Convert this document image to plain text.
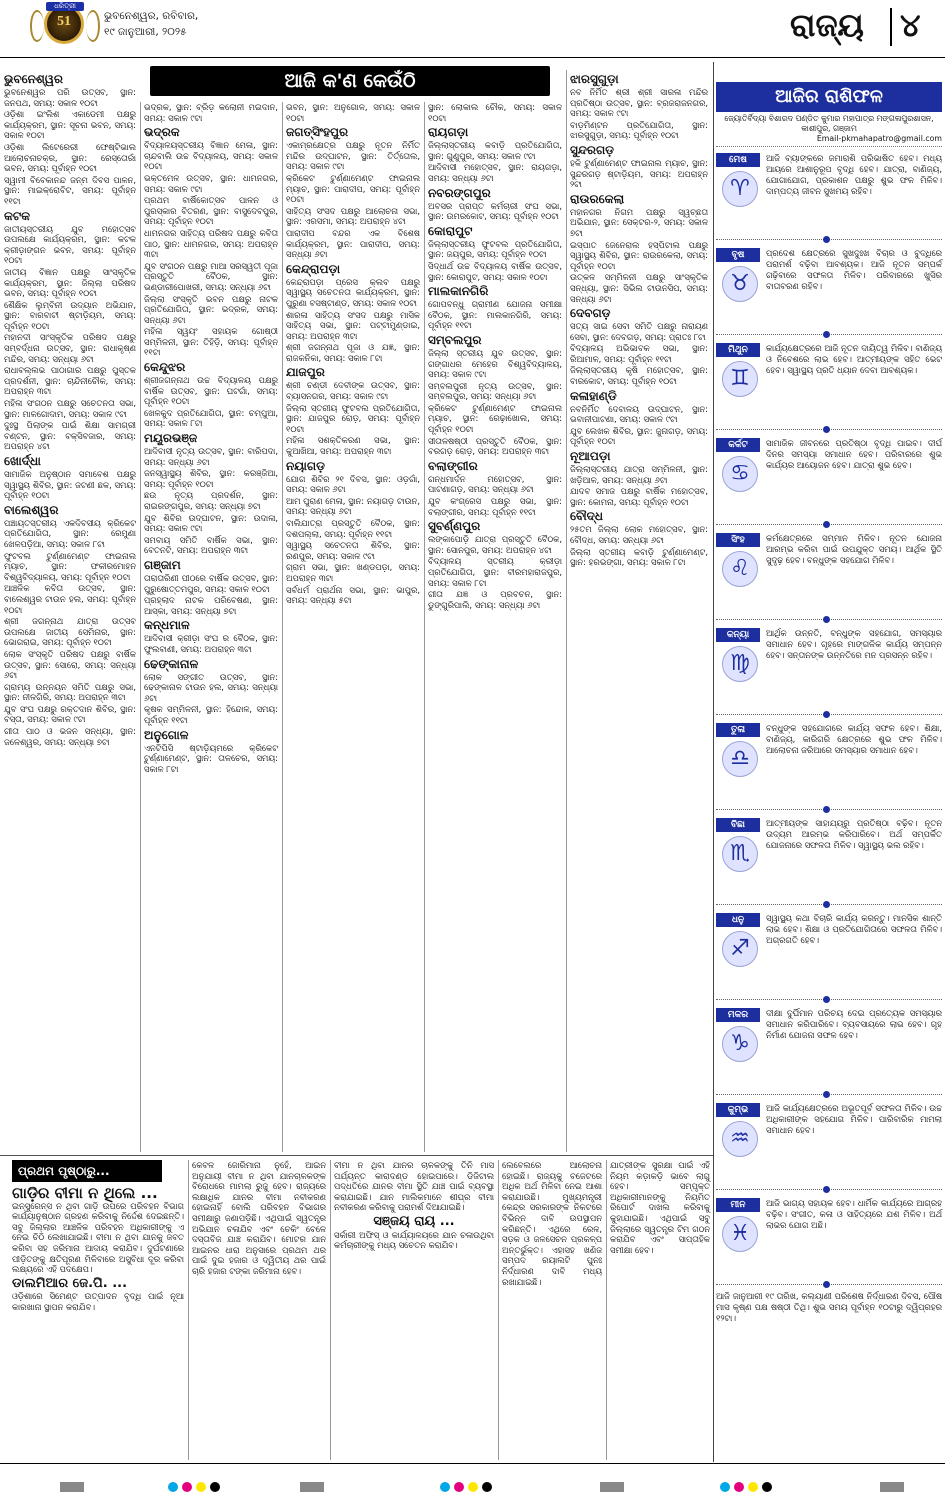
51
ଧରିତ୍ରୀ
ଭୁବନେଶ୍ୱର, ରବିବାର,
୧୯ ଜାନୁଆରୀ, ୨୦୨୫	ରାଜ୍ୟ ୪
ଆଜି କ'ଣ କେଉଁଠି
ଭୁବନେଶ୍ୱର
ଭୁବନେଶ୍ୱର ପରି ଉତ୍ସବ, ସ୍ଥାନ: ଜନପଥ, ସମୟ: ସକାଳ ୧୦ଟା
ଓଡ଼ିଶା ଇଂଲିଶ ଏକାଡେମୀ ପକ୍ଷରୁ କାର୍ଯ୍ୟକ୍ରମ, ସ୍ଥାନ: ସୂଚନା ଭବନ, ସମୟ: ସକାଳ ୧୦ଟା
ଓଡ଼ିଶା ଲିଟେରେରୀ ଫେଷ୍ଟିଭାଲ ଆଲୋଚନାଚକ୍ର, ସ୍ଥାନ: ରେସ୍ତୋରାଁ ଭବନ, ସମୟ: ପୂର୍ବାହ୍ନ ୧୦ଟା
ସ୍ୱାମୀ ବିବେକାନନ୍ଦ ଜନ୍ମ ଦିବସ ପାଳନ, ସ୍ଥାନ: ମାଇକ୍ରୋବିଟ, ସମୟ: ପୂର୍ବାହ୍ନ ୧୧ଟା
କଟକ
ଜାତୀୟସ୍ତରୀୟ ଯୁବ ମହୋତ୍ସବ ଉପଲକ୍ଷେ କାର୍ଯ୍ୟକ୍ରମ, ସ୍ଥାନ: କଟକ କ୍ରୀଡ଼ାଙ୍ଗନ ଭବନ, ସମୟ: ପୂର୍ବାହ୍ନ ୧୦ଟା
ଜାତୀୟ ବିଜ୍ଞାନ ପକ୍ଷରୁ ସାଂସ୍କୃତିକ କାର୍ଯ୍ୟକ୍ରମ, ସ୍ଥାନ: ଜିଲ୍ଲା ପରିଷଦ ଭବନ, ସମୟ: ପୂର୍ବାହ୍ନ ୧୦ଟା
ଶୈକ୍ଷିକ ଲୁମ୍ବିନୀ ଉଦ୍ୟାନ ଅଭିଯାନ, ସ୍ଥାନ: ବାରବାଟୀ ଷ୍ଟାଡ଼ିୟମ, ସମୟ: ପୂର୍ବାହ୍ନ ୧୦ଟା
ମହାନଦୀ ସାଂସ୍କୃତିକ ପରିଷଦ ପକ୍ଷରୁ ସମ୍ବର୍ଦ୍ଧନା ଉତ୍ସବ, ସ୍ଥାନ: ରାଧାକୃଷ୍ଣ ମନ୍ଦିର, ସମୟ: ସନ୍ଧ୍ୟା ୬ଟା
ରାଧାବଲ୍ଲଭ ପାଠାଗାର ପକ୍ଷରୁ ପୁସ୍ତକ ପ୍ରଦର୍ଶନୀ, ସ୍ଥାନ: ଚାନ୍ଦିନୀଚୌକ, ସମୟ: ଅପରାହ୍ନ ୩ଟା
ମହିଳା ସଂଗଠନ ପକ୍ଷରୁ ସଚେତନତା ସଭା, ସ୍ଥାନ: ମାଳଗୋଦାମ, ସମୟ: ସକାଳ ୯ଟା
ଦୁଃସ୍ଥ ପିଲାଙ୍କ ପାଇଁ ଶିକ୍ଷା ସାମଗ୍ରୀ ବଣ୍ଟନ, ସ୍ଥାନ: ବକ୍ସିବଜାର, ସମୟ: ଅପରାହ୍ନ ୪ଟା
ଖୋର୍ଦ୍ଧା
ସାମାଜିକ ଅନୁଷ୍ଠାନ ସମାବେଶ ପକ୍ଷରୁ ସ୍ୱାସ୍ଥ୍ୟ ଶିବିର, ସ୍ଥାନ: ଜଟଣୀ ଛକ, ସମୟ: ପୂର୍ବାହ୍ନ ୧୦ଟା
ବାଲେଶ୍ୱର
ପଞ୍ଚାୟତସ୍ତରୀୟ ଏକଦିବସୀୟ କ୍ରିକେଟ ପ୍ରତିଯୋଗିତା, ସ୍ଥାନ: ରେମୁଣା ଖେଳପଡ଼ିଆ, ସମୟ: ସକାଳ ୮ଟା
ଫୁଟବଲ ଟୁର୍ଣ୍ଣାମେଣ୍ଟ ଫାଇନାଲ ମ୍ୟାଚ, ସ୍ଥାନ: ଫକୀରମୋହନ ବିଶ୍ୱବିଦ୍ୟାଳୟ, ସମୟ: ପୂର୍ବାହ୍ନ ୧୦ଟା
ଆଞ୍ଚଳିକ କବିତା ଉତ୍ସବ, ସ୍ଥାନ: ବାଲେଶ୍ୱର ଟାଉନ ହଲ, ସମୟ: ପୂର୍ବାହ୍ନ ୧୦ଟା
ଶ୍ରୀ ଜଗନ୍ନାଥ ଯାତ୍ରା ଉତ୍ସବ ଉପଲକ୍ଷେ ଜାତୀୟ ସେମିନାର, ସ୍ଥାନ: ଭୋଗରାଇ, ସମୟ: ପୂର୍ବାହ୍ନ ୧୦ଟା
ଲୋକ ସଂସ୍କୃତି ପରିଷଦ ପକ୍ଷରୁ ବାର୍ଷିକ ଉତ୍ସବ, ସ୍ଥାନ: ସୋରୋ, ସମୟ: ସନ୍ଧ୍ୟା ୬ଟା
ଗ୍ରାମ୍ୟ ଉନ୍ନୟନ ସମିତି ପକ୍ଷରୁ ସଭା, ସ୍ଥାନ: ନୀଳଗିରି, ସମୟ: ଅପରାହ୍ନ ୩ଟା
ଯୁବ ସଂଘ ପକ୍ଷରୁ ରକ୍ତଦାନ ଶିବିର, ସ୍ଥାନ: ବସ୍ତା, ସମୟ: ସକାଳ ୯ଟା
ଗୀତା ପାଠ ଓ ଭଜନ ସନ୍ଧ୍ୟା, ସ୍ଥାନ: ଜଳେଶ୍ୱର, ସମୟ: ସନ୍ଧ୍ୟା ୭ଟା
ଭଦ୍ରକ, ସ୍ଥାନ: ବ୍ରିଡ଼ କଲୋନୀ ମଇଦାନ, ସମୟ: ସକାଳ ୯ଟା
ଭଦ୍ରକ
ବିଦ୍ୟାଳୟସ୍ତରୀୟ ବିଜ୍ଞାନ ମେଳା, ସ୍ଥାନ: ଚାନ୍ଦବାଲି ଉଚ୍ଚ ବିଦ୍ୟାଳୟ, ସମୟ: ସକାଳ ୧୦ଟା
ଭକ୍ତମେଳ ଉତ୍ସବ, ସ୍ଥାନ: ଧାମନଗର, ସମୟ: ସକାଳ ୯ଟା
ପ୍ରଥମ ବାର୍ଷିକୋତ୍ସବ ପାଳନ ଓ ପୁରସ୍କାର ବିତରଣ, ସ୍ଥାନ: ବାସୁଦେବପୁର, ସମୟ: ପୂର୍ବାହ୍ନ ୧୦ଟା
ଧାମନଗର ସାହିତ୍ୟ ପରିଷଦ ପକ୍ଷରୁ କବିତା ପାଠ, ସ୍ଥାନ: ଧାମନଗର, ସମୟ: ଅପରାହ୍ନ ୩ଟା
ଯୁବ ସଂଗଠନ ପକ୍ଷରୁ ମାଆ ସରସ୍ୱତୀ ପୂଜା ପ୍ରସ୍ତୁତି ବୈଠକ, ସ୍ଥାନ: ଭଣ୍ଡାରୀପୋଖରୀ, ସମୟ: ସନ୍ଧ୍ୟା ୬ଟା
ଜିଲ୍ଲା ସଂସ୍କୃତି ଭବନ ପକ୍ଷରୁ ନାଟକ ପ୍ରତିଯୋଗିତା, ସ୍ଥାନ: ଭଦ୍ରକ, ସମୟ: ସନ୍ଧ୍ୟା ୬ଟା
ମହିଳା ସ୍ୱୟଂ ସହାୟକ ଗୋଷ୍ଠୀ ସମ୍ମିଳନୀ, ସ୍ଥାନ: ତିହିଡ଼ି, ସମୟ: ପୂର୍ବାହ୍ନ ୧୧ଟା
କେନ୍ଦୁଝର
ଶ୍ରୀଜଗନ୍ନାଥ ଉଚ୍ଚ ବିଦ୍ୟାଳୟ ପକ୍ଷରୁ ବାର୍ଷିକ ଉତ୍ସବ, ସ୍ଥାନ: ଘଟଗାଁ, ସମୟ: ପୂର୍ବାହ୍ନ ୧୦ଟା
ଖେଳକୁଦ ପ୍ରତିଯୋଗିତା, ସ୍ଥାନ: ଚମ୍ପୁଆ, ସମୟ: ସକାଳ ୮ଟା
ମୟୂରଭଞ୍ଜ
ଆଦିବାସୀ ନୃତ୍ୟ ଉତ୍ସବ, ସ୍ଥାନ: ବାରିପଦା, ସମୟ: ସନ୍ଧ୍ୟା ୬ଟା
ଜନସ୍ୱାସ୍ଥ୍ୟ ଶିବିର, ସ୍ଥାନ: କରଞ୍ଜିଆ, ସମୟ: ପୂର୍ବାହ୍ନ ୧୦ଟା
ଛଉ ନୃତ୍ୟ ପ୍ରଦର୍ଶନ, ସ୍ଥାନ: ରାଇରଙ୍ଗପୁର, ସମୟ: ସନ୍ଧ୍ୟା ୭ଟା
ଯୁବ ଶିବିର ଉଦ୍‌ଘାଟନ, ସ୍ଥାନ: ଉଦାଳା, ସମୟ: ସକାଳ ୯ଟା
ସମବାୟ ସମିତି ବାର୍ଷିକ ସଭା, ସ୍ଥାନ: ବେତନଟି, ସମୟ: ଅପରାହ୍ନ ୩ଟା
ଗଞ୍ଜାମ
ତାରାତାରିଣୀ ପୀଠରେ ବାର୍ଷିକ ଉତ୍ସବ, ସ୍ଥାନ: ପୁରୁଷୋତ୍ତମପୁର, ସମୟ: ସକାଳ ୧୦ଟା
ପ୍ରହ୍ଲାଦ ନାଟକ ପରିବେଷଣ, ସ୍ଥାନ: ଆସ୍କା, ସମୟ: ସନ୍ଧ୍ୟା ୭ଟା
କନ୍ଧମାଳ
ଆଦିବାସୀ କ୍ରୀଡ଼ା ସଂଘ ର ବୈଠକ, ସ୍ଥାନ: ଫୁଲବାଣୀ, ସମୟ: ଅପରାହ୍ନ ୩ଟା
ଢେଙ୍କାନାଳ
ଲୋକ ସଙ୍ଗୀତ ଉତ୍ସବ, ସ୍ଥାନ: ଢେଙ୍କାନାଳ ଟାଉନ ହଲ, ସମୟ: ସନ୍ଧ୍ୟା ୬ଟା
କୃଷକ ସମ୍ମିଳନୀ, ସ୍ଥାନ: ହିନ୍ଦୋଳ, ସମୟ: ପୂର୍ବାହ୍ନ ୧୧ଟା
ଅନୁଗୋଳ
ଏନଟିପିସି ଷ୍ଟାଡ଼ିୟମରେ କ୍ରିକେଟ ଟୁର୍ଣ୍ଣାମେଣ୍ଟ, ସ୍ଥାନ: ତାଳଚେର, ସମୟ: ସକାଳ ୮ଟା
ଭବନ, ସ୍ଥାନ: ଅନୁଗୋଳ, ସମୟ: ସକାଳ ୧୦ଟା
ଜଗତ୍‌ସିଂହପୁର
ଏକାମ୍ରକ୍ଷେତ୍ର ପକ୍ଷରୁ ନୂତନ ନିର୍ମିତ ମନ୍ଦିର ଉଦ୍‌ଘାଟନ, ସ୍ଥାନ: ତିର୍ତ୍ତୋଲ, ସମୟ: ସକାଳ ୯ଟା
କ୍ରିକେଟ ଟୁର୍ଣ୍ଣାମେଣ୍ଟ ଫାଇନାଲ ମ୍ୟାଚ, ସ୍ଥାନ: ପାରାଦୀପ, ସମୟ: ପୂର୍ବାହ୍ନ ୧୦ଟା
ସାହିତ୍ୟ ସଂସଦ ପକ୍ଷରୁ ଆଲୋଚନା ସଭା, ସ୍ଥାନ: ଏରସମା, ସମୟ: ଅପରାହ୍ନ ୪ଟା
ପାରାଦୀପ ବନ୍ଦର ଏକ ବିଶେଷ କାର୍ଯ୍ୟକ୍ରମ, ସ୍ଥାନ: ପାରାଦୀପ, ସମୟ: ସନ୍ଧ୍ୟା ୬ଟା
କେନ୍ଦ୍ରାପଡ଼ା
କେନ୍ଦ୍ରାପଡ଼ା ପ୍ରେସ କ୍ଲବ ପକ୍ଷରୁ ସ୍ୱାସ୍ଥ୍ୟ ସଚେତନତା କାର୍ଯ୍ୟକ୍ରମ, ସ୍ଥାନ: ପୁରୁଣା ବସଷ୍ଟାଣ୍ଡ, ସମୟ: ସକାଳ ୧୦ଟା
ଶାରଳା ସାହିତ୍ୟ ସଂସଦ ପକ୍ଷରୁ ମାସିକ ସାହିତ୍ୟ ସଭା, ସ୍ଥାନ: ପଟ୍ଟାମୁଣ୍ଡାଇ, ସମୟ: ଅପରାହ୍ନ ୩ଟା
ଶ୍ରୀ ଜଗନ୍ନାଥ ପୂଜା ଓ ଯଜ୍ଞ, ସ୍ଥାନ: ରାଜକନିକା, ସମୟ: ସକାଳ ୮ଟା
ଯାଜପୁର
ଶ୍ରୀ ଚଣ୍ଡୀ ଦେବୀଙ୍କ ଉତ୍ସବ, ସ୍ଥାନ: ବ୍ୟାସନଗର, ସମୟ: ସକାଳ ୯ଟା
ଜିଲ୍ଲା ସ୍ତରୀୟ ଫୁଟବଲ ପ୍ରତିଯୋଗିତା, ସ୍ଥାନ: ଯାଜପୁର ରୋଡ଼, ସମୟ: ପୂର୍ବାହ୍ନ ୧୦ଟା
ମହିଳା ସଶକ୍ତିକରଣ ସଭା, ସ୍ଥାନ: କୁଆଖିଆ, ସମୟ: ଅପରାହ୍ନ ୩ଟା
ନୟାଗଡ଼
ଯୋଗ ଶିବିର ୨୧ ଦିବସ, ସ୍ଥାନ: ଓଡ଼ଗାଁ, ସମୟ: ସକାଳ ୬ଟା
ଆମ ପୁରାଣ ମେଳା, ସ୍ଥାନ: ନୟାଗଡ଼ ଟାଉନ, ସମୟ: ସନ୍ଧ୍ୟା ୬ଟା
ବାଲିଯାତ୍ରା ପ୍ରସ୍ତୁତି ବୈଠକ, ସ୍ଥାନ: ଦଶପଲ୍ଲା, ସମୟ: ପୂର୍ବାହ୍ନ ୧୧ଟା
ସ୍ୱାସ୍ଥ୍ୟ ସଚେତନତା ଶିବିର, ସ୍ଥାନ: ରଣପୁର, ସମୟ: ସକାଳ ୯ଟା
ଗ୍ରାମ ସଭା, ସ୍ଥାନ: ଖଣ୍ଡପଡ଼ା, ସମୟ: ଅପରାହ୍ନ ୩ଟା
ସର୍ବଧର୍ମ ପ୍ରାର୍ଥନା ସଭା, ସ୍ଥାନ: ଭାପୁର, ସମୟ: ସନ୍ଧ୍ୟା ୫ଟା
ସ୍ଥାନ: ଲୋକାଲ ଚୌକ, ସମୟ: ସକାଳ ୧୦ଟା
ରାୟଗଡ଼ା
ଜିଲ୍ଲାସ୍ତରୀୟ କବାଡ଼ି ପ୍ରତିଯୋଗିତା, ସ୍ଥାନ: ଗୁଣୁପୁର, ସମୟ: ସକାଳ ୯ଟା
ଆଦିବାସୀ ମହୋତ୍ସବ, ସ୍ଥାନ: ରାୟଗଡ଼ା, ସମୟ: ସନ୍ଧ୍ୟା ୬ଟା
ନବରଙ୍ଗପୁର
ଅବସର ପ୍ରାପ୍ତ କର୍ମଚାରୀ ସଂଘ ସଭା, ସ୍ଥାନ: ଉମରକୋଟ, ସମୟ: ପୂର୍ବାହ୍ନ ୧୦ଟା
କୋରାପୁଟ
ଜିଲ୍ଲାସ୍ତରୀୟ ଫୁଟବଲ ପ୍ରତିଯୋଗିତା, ସ୍ଥାନ: ଜୟପୁର, ସମୟ: ପୂର୍ବାହ୍ନ ୧୦ଟା
ସିଦ୍ଧାର୍ଥ ଉଚ୍ଚ ବିଦ୍ୟାଳୟ ବାର୍ଷିକ ଉତ୍ସବ, ସ୍ଥାନ: କୋରାପୁଟ, ସମୟ: ସକାଳ ୧୦ଟା
ମାଲକାନଗିରି
ଗୋପବନ୍ଧୁ ଗ୍ରାମୀଣ ଯୋଜନା ସମୀକ୍ଷା ବୈଠକ, ସ୍ଥାନ: ମାଲକାନଗିରି, ସମୟ: ପୂର୍ବାହ୍ନ ୧୧ଟା
ସମ୍ବଲପୁର
ଜିଲ୍ଲା ସ୍ତରୀୟ ଯୁବ ଉତ୍ସବ, ସ୍ଥାନ: ଗଙ୍ଗାଧର ମେହେର ବିଶ୍ୱବିଦ୍ୟାଳୟ, ସମୟ: ସକାଳ ୯ଟା
ସମ୍ବଲପୁରୀ ନୃତ୍ୟ ଉତ୍ସବ, ସ୍ଥାନ: ସମ୍ବଲପୁର, ସମୟ: ସନ୍ଧ୍ୟା ୬ଟା
କ୍ରିକେଟ ଟୁର୍ଣ୍ଣାମେଣ୍ଟ ଫାଇନାଲ ମ୍ୟାଚ, ସ୍ଥାନ: ରେଢ଼ାଖୋଲ, ସମୟ: ପୂର୍ବାହ୍ନ ୧୦ଟା
ସୀତାଳଷଷ୍ଠୀ ପ୍ରସ୍ତୁତି ବୈଠକ, ସ୍ଥାନ: ବରଗଡ଼ ରୋଡ଼, ସମୟ: ଅପରାହ୍ନ ୩ଟା
ବଲାଙ୍ଗୀର
ଗନ୍ଧମାର୍ଦନ ମହୋତ୍ସବ, ସ୍ଥାନ: ପାଟଣାଗଡ଼, ସମୟ: ସନ୍ଧ୍ୟା ୬ଟା
ଯୁବ କଂଗ୍ରେସ ପକ୍ଷରୁ ସଭା, ସ୍ଥାନ: ବଲାଙ୍ଗୀର, ସମୟ: ପୂର୍ବାହ୍ନ ୧୧ଟା
ସୁବର୍ଣ୍ଣପୁର
ଲଙ୍କାପୋଡ଼ି ଯାତ୍ରା ପ୍ରସ୍ତୁତି ବୈଠକ, ସ୍ଥାନ: ସୋନପୁର, ସମୟ: ଅପରାହ୍ନ ୪ଟା
ବିଦ୍ୟାଳୟ ସ୍ତରୀୟ କ୍ରୀଡ଼ା ପ୍ରତିଯୋଗିତା, ସ୍ଥାନ: ବୀରମହାରାଜପୁର, ସମୟ: ସକାଳ ୮ଟା
ଗୀତା ଯଜ୍ଞ ଓ ପ୍ରବଚନ, ସ୍ଥାନ: ଡୁଙ୍ଗୁରିପାଲି, ସମୟ: ସନ୍ଧ୍ୟା ୬ଟା
ଝାରସୁଗୁଡ଼ା
ନବ ନିର୍ମିତ ଶ୍ରୀ ଶ୍ରୀ ସାରଳା ମନ୍ଦିର ପ୍ରତିଷ୍ଠା ଉତ୍ସବ, ସ୍ଥାନ: ବ୍ରଜରାଜନଗର, ସମୟ: ସକାଳ ୯ଟା
ବାଡ଼ମିଣ୍ଟନ ପ୍ରତିଯୋଗିତା, ସ୍ଥାନ: ଝାରସୁଗୁଡ଼ା, ସମୟ: ପୂର୍ବାହ୍ନ ୧୦ଟା
ସୁନ୍ଦରଗଡ଼
ହକି ଟୁର୍ଣ୍ଣାମେଣ୍ଟ ଫାଇନାଲ ମ୍ୟାଚ, ସ୍ଥାନ: ସୁନ୍ଦରଗଡ଼ ଷ୍ଟାଡ଼ିୟମ, ସମୟ: ଅପରାହ୍ନ ୨ଟା
ରାଉରକେଲା
ମହାନଗର ନିଗମ ପକ୍ଷରୁ ସ୍ୱଚ୍ଛତା ଅଭିଯାନ, ସ୍ଥାନ: ସେକ୍ଟର-୨, ସମୟ: ସକାଳ ୭ଟା
ଇସ୍ପାତ ଜେନେରାଲ ହସ୍ପିଟାଲ ପକ୍ଷରୁ ସ୍ୱାସ୍ଥ୍ୟ ଶିବିର, ସ୍ଥାନ: ରାଉରକେଲା, ସମୟ: ପୂର୍ବାହ୍ନ ୧୦ଟା
ଉତ୍କଳ ସମ୍ମିଳନୀ ପକ୍ଷରୁ ସାଂସ୍କୃତିକ ସନ୍ଧ୍ୟା, ସ୍ଥାନ: ସିଭିଲ ଟାଉନସିପ, ସମୟ: ସନ୍ଧ୍ୟା ୬ଟା
ଦେବଗଡ଼
ସତ୍ୟ ସାଇ ସେବା ସମିତି ପକ୍ଷରୁ ନାରାୟଣ ସେବା, ସ୍ଥାନ: ଦେବଗଡ଼, ସମୟ: ପ୍ରାତଃ ୮ଟା
ବିଦ୍ୟାଳୟ ଅଭିଭାବକ ସଭା, ସ୍ଥାନ: ରିଆମାଳ, ସମୟ: ପୂର୍ବାହ୍ନ ୧୧ଟା
ଜିଲ୍ଲାସ୍ତରୀୟ କୃଷି ମହୋତ୍ସବ, ସ୍ଥାନ: ବାରକୋଟ, ସମୟ: ପୂର୍ବାହ୍ନ ୧୦ଟା
କଳାହାଣ୍ଡି
ନବନିର୍ମିତ ଦେବାଳୟ ଉଦ୍‌ଘାଟନ, ସ୍ଥାନ: ଭବାନୀପାଟଣା, ସମୟ: ସକାଳ ୯ଟା
ଯୁବ ଲେଖକ ଶିବିର, ସ୍ଥାନ: ଜୁନାଗଡ଼, ସମୟ: ପୂର୍ବାହ୍ନ ୧୦ଟା
ନୂଆପଡ଼ା
ଜିଲ୍ଲାସ୍ତରୀୟ ଯାତ୍ରା ସମ୍ମିଳନୀ, ସ୍ଥାନ: ଖଡ଼ିଆଳ, ସମୟ: ସନ୍ଧ୍ୟା ୬ଟା
ଯାଦବ ସମାଜ ପକ୍ଷରୁ ବାର୍ଷିକ ମହୋତ୍ସବ, ସ୍ଥାନ: କୋମନା, ସମୟ: ପୂର୍ବାହ୍ନ ୧୦ଟା
ବୌଦ୍ଧ
୨୫ତମ ଜିଲ୍ଲା ଲୋକ ମହୋତ୍ସବ, ସ୍ଥାନ: ବୌଦ୍ଧ, ସମୟ: ସନ୍ଧ୍ୟା ୬ଟା
ଜିଲ୍ଲା ସ୍ତରୀୟ କବାଡ଼ି ଟୁର୍ଣ୍ଣାମେଣ୍ଟ, ସ୍ଥାନ: ହରଭଙ୍ଗା, ସମୟ: ସକାଳ ୮ଟା
ଆଜିର ରାଶିଫଳ
ଜ୍ୟୋତିର୍ବିଦ୍ୟା ବିଶାରଦ ପଣ୍ଡିତ କୁମାର ମହାପାତ୍ର ମଙ୍ଗଳାପୁରଶାସନ, କାଶୀପୁର, ଗଞ୍ଜାମ
Email-pkmahapatro@gmail.com
ମେଷ
♈
ଆଜି ବ୍ୟାଙ୍କରେ ଜମାରାଶି ପରିଭାଷିତ ହେବ। ମଧ୍ୟ ଆୟରେ ଆଶାନୁରୂପ ବୃଦ୍ଧି ହେବ। ଯାତ୍ରା, ବାଣିଜ୍ୟ, ଯୋଗାଯୋଗ, ପ୍ରକାଶନ ପକ୍ଷରୁ ଶୁଭ ଫଳ ମିଳିବ। ଦାମ୍ପତ୍ୟ ଜୀବନ ସୁଖମୟ ରହିବ।
ବୃଷ
♉
ପ୍ରଦେଶ କ୍ଷେତ୍ରରେ ସୁଖଦୁଃଖ ବିଚାର ଓ ବୁଦ୍ଧିରେ ପରାମର୍ଶ ବଢ଼ିବା ଆବଶ୍ୟକ। ଆଜି ନୂତନ ସମ୍ପର୍କ ଗଢ଼ିବାରେ ସଫଳତା ମିଳିବ। ପରିବାରରେ ଖୁସିର ବାତାବରଣ ରହିବ।
ମିଥୁନ
♊
କାର୍ଯ୍ୟକ୍ଷେତ୍ରରେ ଆଜି ନୂତନ ଦାୟିତ୍ୱ ମିଳିବ। ବାଣିଜ୍ୟ ଓ ନିବେଶରେ ଲାଭ ହେବ। ଆତ୍ମୀୟଙ୍କ ସହିତ ଭେଟ ହେବ। ସ୍ୱାସ୍ଥ୍ୟ ପ୍ରତି ଧ୍ୟାନ ଦେବା ଆବଶ୍ୟକ।
କର୍କଟ
♋
ସାମାଜିକ ଜୀବନରେ ପ୍ରତିଷ୍ଠା ବୃଦ୍ଧି ପାଇବ। ଦୀର୍ଘ ଦିନର ସମସ୍ୟା ସମାଧାନ ହେବ। ପରିବାରରେ ଶୁଭ କାର୍ଯ୍ୟର ଆୟୋଜନ ହେବ। ଯାତ୍ରା ଶୁଭ ହେବ।
ସିଂହ
♌
କର୍ମକ୍ଷେତ୍ରରେ ସମ୍ମାନ ମିଳିବ। ନୂତନ ଯୋଜନା ଆରମ୍ଭ କରିବା ପାଇଁ ଉପଯୁକ୍ତ ସମୟ। ଆର୍ଥିକ ସ୍ଥିତି ସୁଦୃଢ଼ ହେବ। ବନ୍ଧୁଙ୍କ ସହଯୋଗ ମିଳିବ।
କନ୍ୟା
♍
ଆର୍ଥିକ ଉନ୍ନତି, ବନ୍ଧୁଙ୍କ ସହଯୋଗ, ସମସ୍ୟାର ସମାଧାନ ହେବ। ଗୃହରେ ମାଙ୍ଗଳିକ କାର୍ଯ୍ୟ ସମ୍ପନ୍ନ ହେବ। ସନ୍ତାନଙ୍କ ଉନ୍ନତିରେ ମନ ପ୍ରସନ୍ନ ରହିବ।
ତୁଳା
♎
ବନ୍ଧୁଙ୍କ ସହଯୋଗରେ କାର୍ଯ୍ୟ ସଫଳ ହେବ। ଶିକ୍ଷା, ବାଣିଜ୍ୟ, କାରିଗରି କ୍ଷେତ୍ରରେ ଶୁଭ ଫଳ ମିଳିବ। ଆଲୋଚନା ଜରିଆରେ ସମସ୍ୟାର ସମାଧାନ ହେବ।
ବିଛା
♏
ଆତ୍ମୀୟଙ୍କ ସାହାଯ୍ୟରୁ ପ୍ରତିଷ୍ଠା ବଢ଼ିବ। ନୂତନ ଉଦ୍ୟମ ଆରମ୍ଭ କରିପାରିବେ। ଅର୍ଥ ସମ୍ପର୍କିତ ଯୋଜନାରେ ସଫଳତା ମିଳିବ। ସ୍ୱାସ୍ଥ୍ୟ ଭଲ ରହିବ।
ଧନୁ
♐
ସ୍ୱାସ୍ଥ୍ୟ କଥା ବିଚାରି କାର୍ଯ୍ୟ କରନ୍ତୁ। ମାନସିକ ଶାନ୍ତି ଲାଭ ହେବ। ଶିକ୍ଷା ଓ ପ୍ରତିଯୋଗିତାରେ ସଫଳତା ମିଳିବ। ଅଗ୍ରଗତି ହେବ।
ମକର
♑
ଦୀକ୍ଷା ଦୁର୍ଘିମାନ ପରିଚୟ ଦେଇ ପ୍ରତ୍ୟେକ ସମସ୍ୟାର ସମାଧାନ କରିପାରିବେ। ବ୍ୟବସାୟରେ ଲାଭ ହେବ। ଗୃହ ନିର୍ମାଣ ଯୋଜନା ସଫଳ ହେବ।
କୁମ୍ଭ
♒
ଆଜି କାର୍ଯ୍ୟକ୍ଷେତ୍ରରେ ଅଭୂତପୂର୍ବ ସଫଳତା ମିଳିବ। ଉଚ୍ଚ ଅଧିକାରୀଙ୍କ ସହଯୋଗ ମିଳିବ। ପାରିବାରିକ ମାମଲା ସମାଧାନ ହେବ।
ମୀନ
♓
ଆଜି ଭାଗ୍ୟ ସହାୟକ ହେବ। ଧାର୍ମିକ କାର୍ଯ୍ୟରେ ଆଗ୍ରହ ବଢ଼ିବ। ସଂଗୀତ, କଳା ଓ ସାହିତ୍ୟରେ ଯଶ ମିଳିବ। ଅର୍ଥ ଲାଭର ଯୋଗ ଅଛି।
ଆଜି ଜାନୁଆରୀ ୧୯ ତାରିଖ, କଲ୍ୟାଣୀ ପରିଶେଷ ନିର୍ଦ୍ଧାରଣ ଦିବସ, ପୌଷ ମାସ କୃଷ୍ଣ ପକ୍ଷ ଷଷ୍ଠୀ ତିଥି। ଶୁଭ ସମୟ ପୂର୍ବାହ୍ନ ୧୦ଟାରୁ ଦ୍ୱିପ୍ରହର ୧୨ଟା।
ପ୍ରଥମ ପୃଷ୍ଠାରୁ...
ଗାଡ଼ିର ବୀମା ନ ଥିଲେ ...
ଇନ୍ସୁରେନ୍ସ ନ ଥିବା ଗାଡ଼ି ଉପରେ ପରିବହନ ବିଭାଗ କାର୍ଯ୍ୟାନୁଷ୍ଠାନ ଗ୍ରହଣ କରିବାକୁ ନିର୍ଦ୍ଦେଶ ଦେଇଛନ୍ତି। ସବୁ ଜିଲ୍ଲାର ଆଞ୍ଚଳିକ ପରିବହନ ଅଧିକାରୀଙ୍କୁ ଏ ନେଇ ଚିଠି ଲେଖାଯାଇଛି। ବୀମା ନ ଥିବା ଯାନକୁ ଜବତ କରିବା ସହ ଜରିମାନା ଆଦାୟ କରାଯିବ। ଦୁର୍ଘଟଣାରେ ପୀଡ଼ିତଙ୍କୁ କ୍ଷତିପୂରଣ ମିଳିବାରେ ଅସୁବିଧା ଦୂର କରିବା ଲକ୍ଷ୍ୟରେ ଏହି ପଦକ୍ଷେପ।
ଡାଲମିଆର ଜେ.ପି. ...
ଓଡ଼ିଶାରେ ସିମେଣ୍ଟ ଉତ୍ପାଦନ ବୃଦ୍ଧି ପାଇଁ ନୂଆ କାରଖାନା ସ୍ଥାପନ କରାଯିବ।
କେବଳ ଜୋରିମାନା ନୁହେଁ, ଆଇନ ଅନୁଯାୟୀ ବୀମା ନ ଥିବା ଯାନଚାଳକଙ୍କ ବିରୋଧରେ ମାମଲା ରୁଜୁ ହେବ। ରାଜ୍ୟରେ ଲକ୍ଷାଧିକ ଯାନର ବୀମା ନବୀକରଣ ହୋଇନାହିଁ ବୋଲି ପରିବହନ ବିଭାଗର ସମୀକ୍ଷାରୁ ଜଣାପଡ଼ିଛି। ଏଥିପାଇଁ ସ୍ୱତନ୍ତ୍ର ଅଭିଯାନ ଚଳାଯିବ ଏବଂ ଚେକିଂ ବେଳେ ଦସ୍ତାବିଜ ଯାଞ୍ଚ କରାଯିବ। ମୋଟର ଯାନ ଆଇନର ଧାରା ଅନୁସାରେ ପ୍ରଥମ ଥର ପାଇଁ ଦୁଇ ହଜାର ଓ ଦ୍ୱିତୀୟ ଥର ପାଇଁ ଚାରି ହଜାର ଟଙ୍କା ଜରିମାନା ହେବ।
ବୀମା ନ ଥିବା ଯାନର ଚାଳକଙ୍କୁ ତିନି ମାସ ପର୍ଯ୍ୟନ୍ତ କାରାଦଣ୍ଡ ହୋଇପାରେ। ଡିଜିଟାଲ ପଦ୍ଧତିରେ ଯାନର ବୀମା ସ୍ଥିତି ଯାଞ୍ଚ ପାଇଁ ବ୍ୟବସ୍ଥା କରାଯାଇଛି। ଯାନ ମାଲିକମାନେ ଶୀଘ୍ର ବୀମା ନବୀକରଣ କରିବାକୁ ପରାମର୍ଶ ଦିଆଯାଇଛି।
ସଞ୍ଜୟ ରାୟ ...
ସର୍କାରୀ ଅଫିସ୍ ଓ କାର୍ଯ୍ୟାଳୟରେ ଯାନ ଚଳାଉଥିବା କର୍ମଚାରୀଙ୍କୁ ମଧ୍ୟ ସଚେତନ କରାଯିବ।
ଲେବେଲରେ ଆଲୋଚନା ହୋଇଛି। ରାଜ୍ୟକୁ ବଜେଟରେ ଅଧିକ ଅର୍ଥ ମିଳିବା ନେଇ ଆଶା କରାଯାଉଛି। ମୁଖ୍ୟମନ୍ତ୍ରୀ କେନ୍ଦ୍ର ସରକାରଙ୍କ ନିକଟରେ ବିଭିନ୍ନ ଦାବି ଉପସ୍ଥାପନ କରିଛନ୍ତି। ଏଥିରେ ରେଳ, ସଡ଼କ ଓ ଜଳସେଚନ ପ୍ରକଳ୍ପ ଅନ୍ତର୍ଭୁକ୍ତ। ଏହାସହ ଖଣିଜ ସମ୍ପଦ ରୟାଲଟି ପୁନଃ ନିର୍ଦ୍ଧାରଣ ଦାବି ମଧ୍ୟ ରଖାଯାଇଛି।
ଯାତ୍ରୀଙ୍କ ସୁରକ୍ଷା ପାଇଁ ଏହି ନିୟମ କଡ଼ାକଡ଼ି ଭାବେ ଲାଗୁ ହେବ। ସମ୍ପୃକ୍ତ ଅଧିକାରୀମାନଙ୍କୁ ନିୟମିତ ରିପୋର୍ଟ ଦାଖଲ କରିବାକୁ କୁହାଯାଇଛି। ଏଥିପାଇଁ ସବୁ ଜିଲ୍ଲାରେ ସ୍ୱତନ୍ତ୍ର ଟିମ ଗଠନ କରାଯିବ ଏବଂ ସାପ୍ତାହିକ ସମୀକ୍ଷା ହେବ।
